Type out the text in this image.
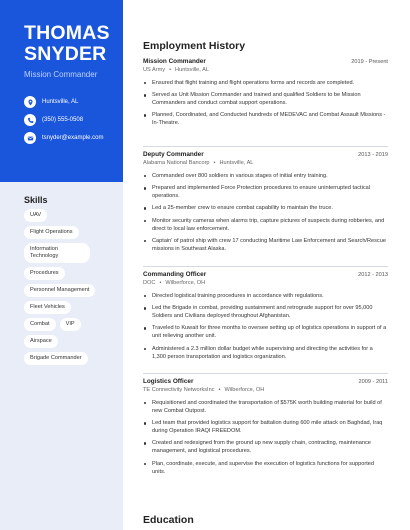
THOMAS
SNYDER
Mission Commander
Huntsville, AL
(350) 555-0508
tsnyder@example.com
Skills
UAV
Flight Operations
Information Technology
Procedures
Personnel Management
Fleet Vehicles
Combat	VIP
Airspace
Brigade Commander
Employment History
Mission Commander	2019 - Present
US Army • Huntsville, AL
Ensured that flight training and flight operations forms and records are completed.
Served as Unit Mission Commander and trained and qualified Soldiers to be Mission Commanders and conduct combat support operations.
Planned, Coordinated, and Conducted hundreds of MEDEVAC and Combat Assault Missions - In-Theatre.
Deputy Commander	2013 - 2019
Alabama National Bancorp • Huntsville, AL
Commanded over 800 soldiers in various stages of initial entry training.
Prepared and implemented Force Protection procedures to ensure uninterrupted tactical operations.
Led a 25-member crew to ensure combat capability to maintain the truce.
Monitor security cameras when alarms trip, capture pictures of suspects during robberies, and direct to local law enforcement.
Captain' of patrol ship with crew 17 conducting Maritime Law Enforcement and Search/Rescue missions in Southeast Alaska.
Commanding Officer	2012 - 2013
DOC • Wilberforce, OH
Directed logistical training procedures in accordance with regulations.
Led the Brigade in combat, providing sustainment and retrograde support for over 95,000 Soldiers and Civilians deployed throughout Afghanistan.
Traveled to Kuwait for three months to oversee setting up of logistics operations in support of a unit relieving another unit.
Administered a 2.3 million dollar budget while supervising and directing the activities for a 1,300 person transportation and logistics organization.
Logistics Officer	2009 - 2011
TE Connectivity NetworksInc • Wilberforce, OH
Requisitioned and coordinated the transportation of $575K worth building material for build of new Combat Outpost.
Led team that provided logistics support for battalion during 600 mile attack on Baghdad, Iraq during Operation IRAQI FREEDOM.
Created and redesigned from the ground up new supply chain, contracting, maintenance management, and logistical procedures.
Plan, coordinate, execute, and supervise the execution of logistics functions for supported units.
Education
